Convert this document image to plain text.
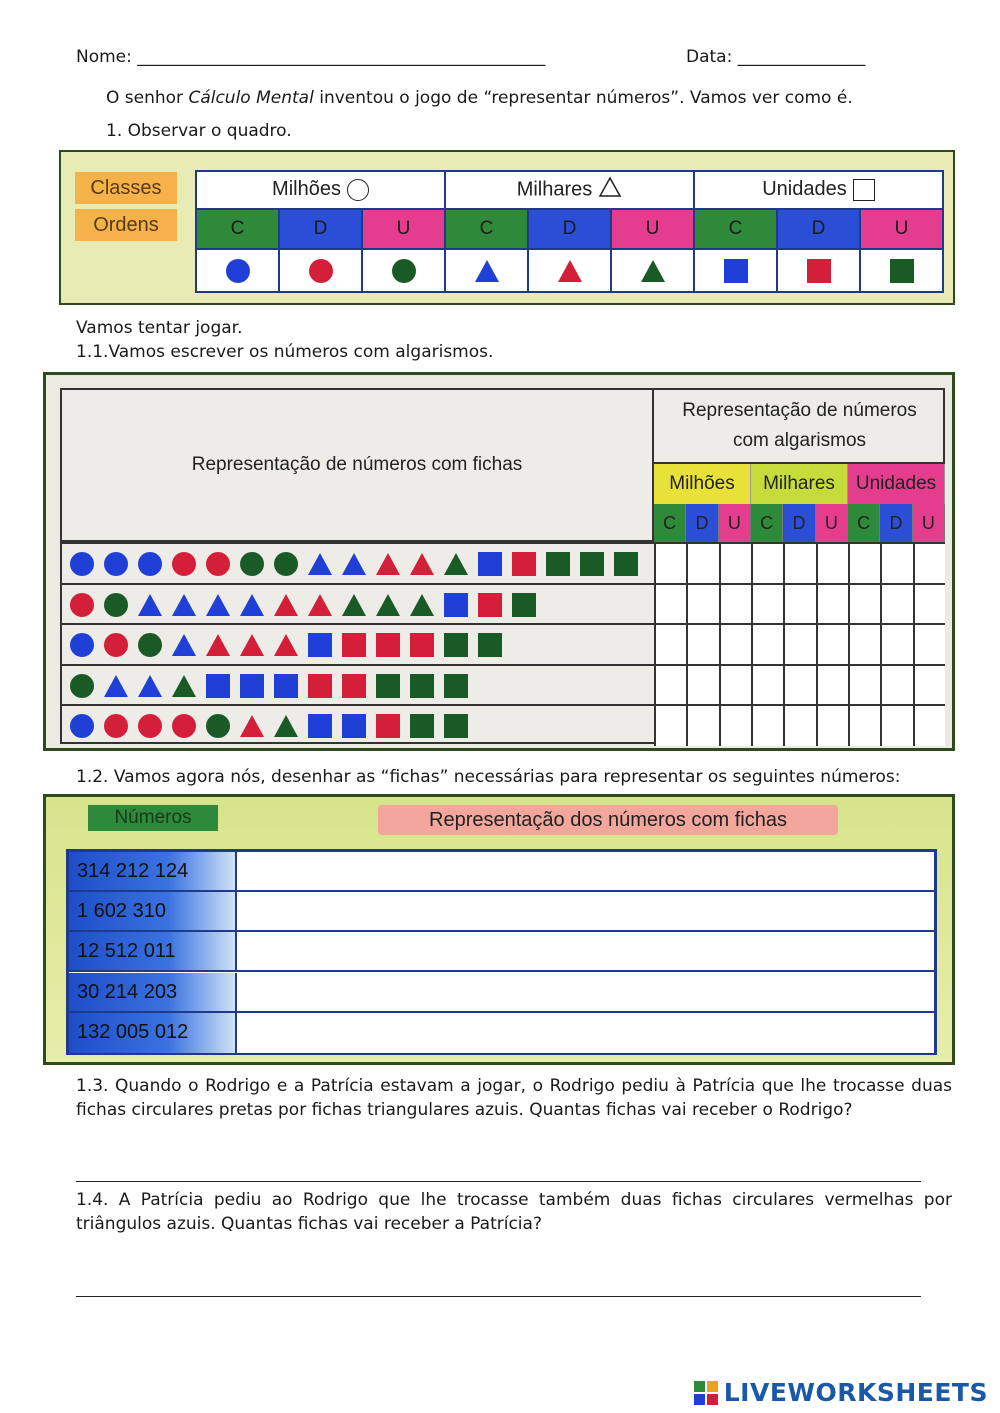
Nome: ________________________________________________	Data: _______________
O senhor Cálculo Mental inventou o jogo de “representar números”. Vamos ver como é.
1. Observar o quadro.
Classes
Ordens
Milhões			Milhares			Unidades		
C	D	U	C	D	U	C	D	U

Vamos tentar jogar.
1.1.Vamos escrever os números com algarismos.
Representação de números com fichas
Representação de números
com algarismos
Milhões	Milhares	Unidades
C	D	U	C	D	U	C	D	U
1.2. Vamos agora nós, desenhar as “fichas” necessárias para representar os seguintes números:
Números	Representação dos números com fichas
314 212 124
1 602 310
12 512 011
30 214 203
132 005 012
1.3. Quando o Rodrigo e a Patrícia estavam a jogar, o Rodrigo pediu à Patrícia que lhe trocasse duas fichas circulares pretas por fichas triangulares azuis. Quantas fichas vai receber o Rodrigo?
1.4. A Patrícia pediu ao Rodrigo que lhe trocasse também duas fichas circulares vermelhas por triângulos azuis. Quantas fichas vai receber a Patrícia?
LIVEWORKSHEETS
